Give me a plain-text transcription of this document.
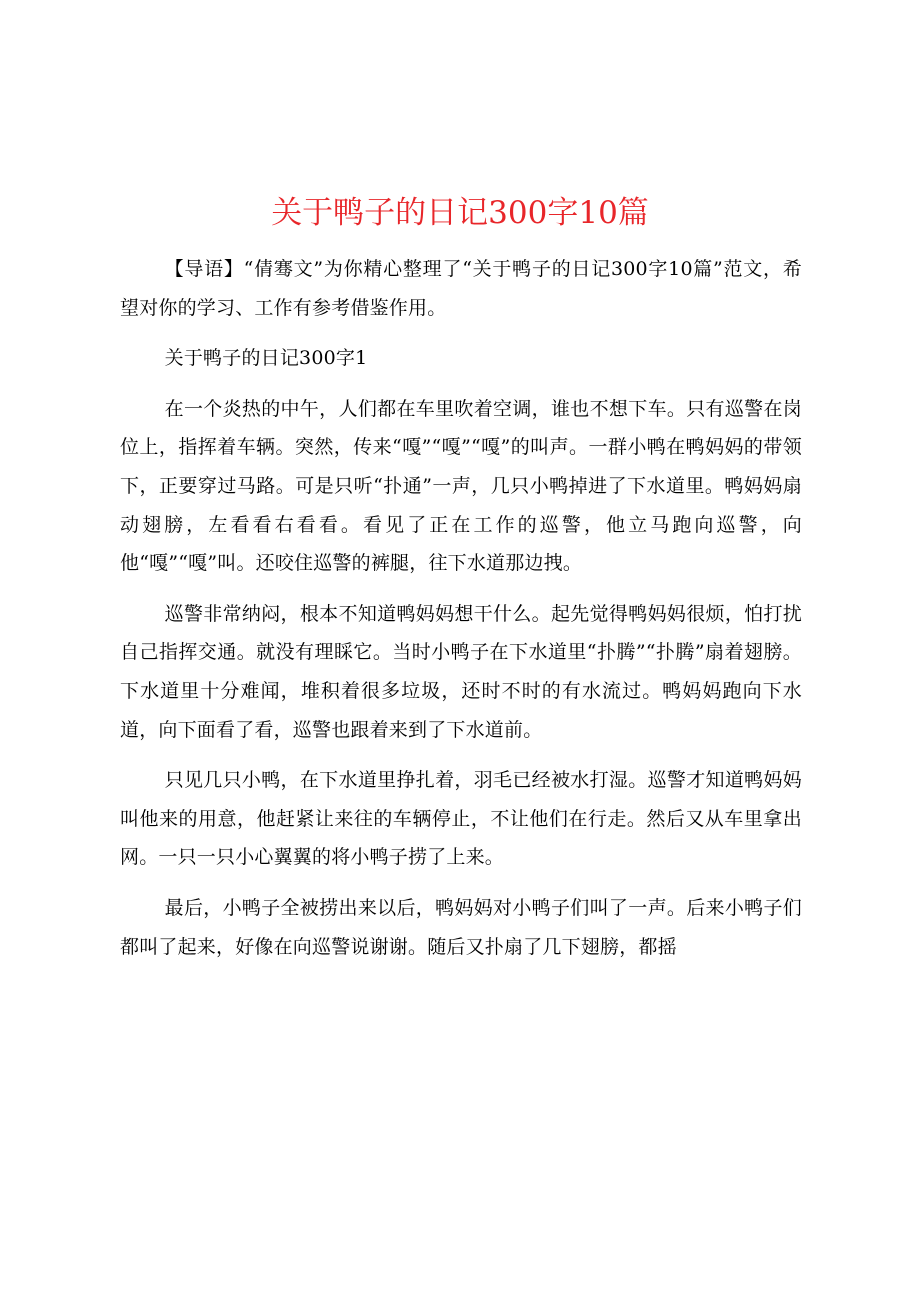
关于鸭子的日记300字10篇

【导语】“倩骞文”为你精心整理了“关于鸭子的日记300字10篇”范文，希望对你的学习、工作有参考借鉴作用。

关于鸭子的日记300字1

在一个炎热的中午，人们都在车里吹着空调，谁也不想下车。只有巡警在岗位上，指挥着车辆。突然，传来“嘎”“嘎”“嘎”的叫声。一群小鸭在鸭妈妈的带领下，正要穿过马路。可是只听“扑通”一声，几只小鸭掉进了下水道里。鸭妈妈扇动翅膀，左看看右看看。看见了正在工作的巡警，他立马跑向巡警，向他“嘎”“嘎”叫。还咬住巡警的裤腿，往下水道那边拽。

巡警非常纳闷，根本不知道鸭妈妈想干什么。起先觉得鸭妈妈很烦，怕打扰自己指挥交通。就没有理睬它。当时小鸭子在下水道里“扑腾”“扑腾”扇着翅膀。下水道里十分难闻，堆积着很多垃圾，还时不时的有水流过。鸭妈妈跑向下水道，向下面看了看，巡警也跟着来到了下水道前。

只见几只小鸭，在下水道里挣扎着，羽毛已经被水打湿。巡警才知道鸭妈妈叫他来的用意，他赶紧让来往的车辆停止，不让他们在行走。然后又从车里拿出网。一只一只小心翼翼的将小鸭子捞了上来。

最后，小鸭子全被捞出来以后，鸭妈妈对小鸭子们叫了一声。后来小鸭子们都叫了起来，好像在向巡警说谢谢。随后又扑扇了几下翅膀，都摇
